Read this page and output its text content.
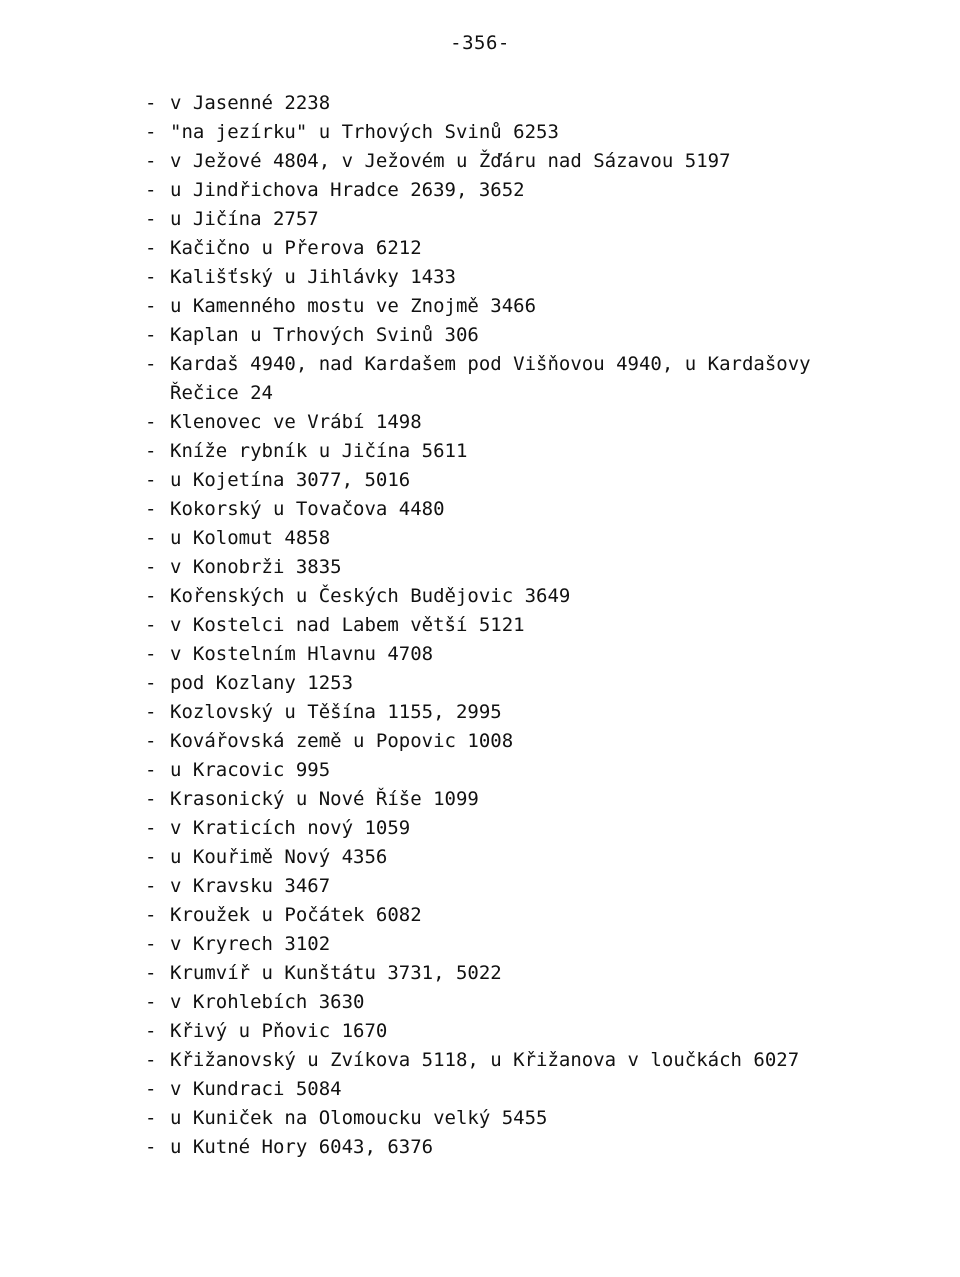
-356-
- v Jasenné 2238
- "na jezírku" u Trhových Svinů 6253
- v Ježové 4804, v Ježovém u Žďáru nad Sázavou 5197
- u Jindřichova Hradce 2639, 3652
- u Jičína 2757
- Kačično u Přerova 6212
- Kališťský u Jihlávky 1433
- u Kamenného mostu ve Znojmě 3466
- Kaplan u Trhových Svinů 306
- Kardaš 4940, nad Kardašem pod Višňovou 4940, u Kardašovy Řečice 24
- Klenovec ve Vrábí 1498
- Kníže rybník u Jičína 5611
- u Kojetína 3077, 5016
- Kokorský u Tovačova 4480
- u Kolomut 4858
- v Konobrži 3835
- Kořenských u Českých Budějovic 3649
- v Kostelci nad Labem větší 5121
- v Kostelním Hlavnu 4708
- pod Kozlany 1253
- Kozlovský u Těšína 1155, 2995
- Kovářovská země u Popovic 1008
- u Kracovic 995
- Krasonický u Nové Říše 1099
- v Kraticích nový 1059
- u Kouřimě Nový 4356
- v Kravsku 3467
- Kroužek u Počátek 6082
- v Kryrech 3102
- Krumvíř u Kunštátu 3731, 5022
- v Krohlebích 3630
- Křivý u Pňovic 1670
- Křižanovský u Zvíkova 5118, u Křižanova v loučkách 6027
- v Kundraci 5084
- u Kuniček na Olomoucku velký 5455
- u Kutné Hory 6043, 6376
